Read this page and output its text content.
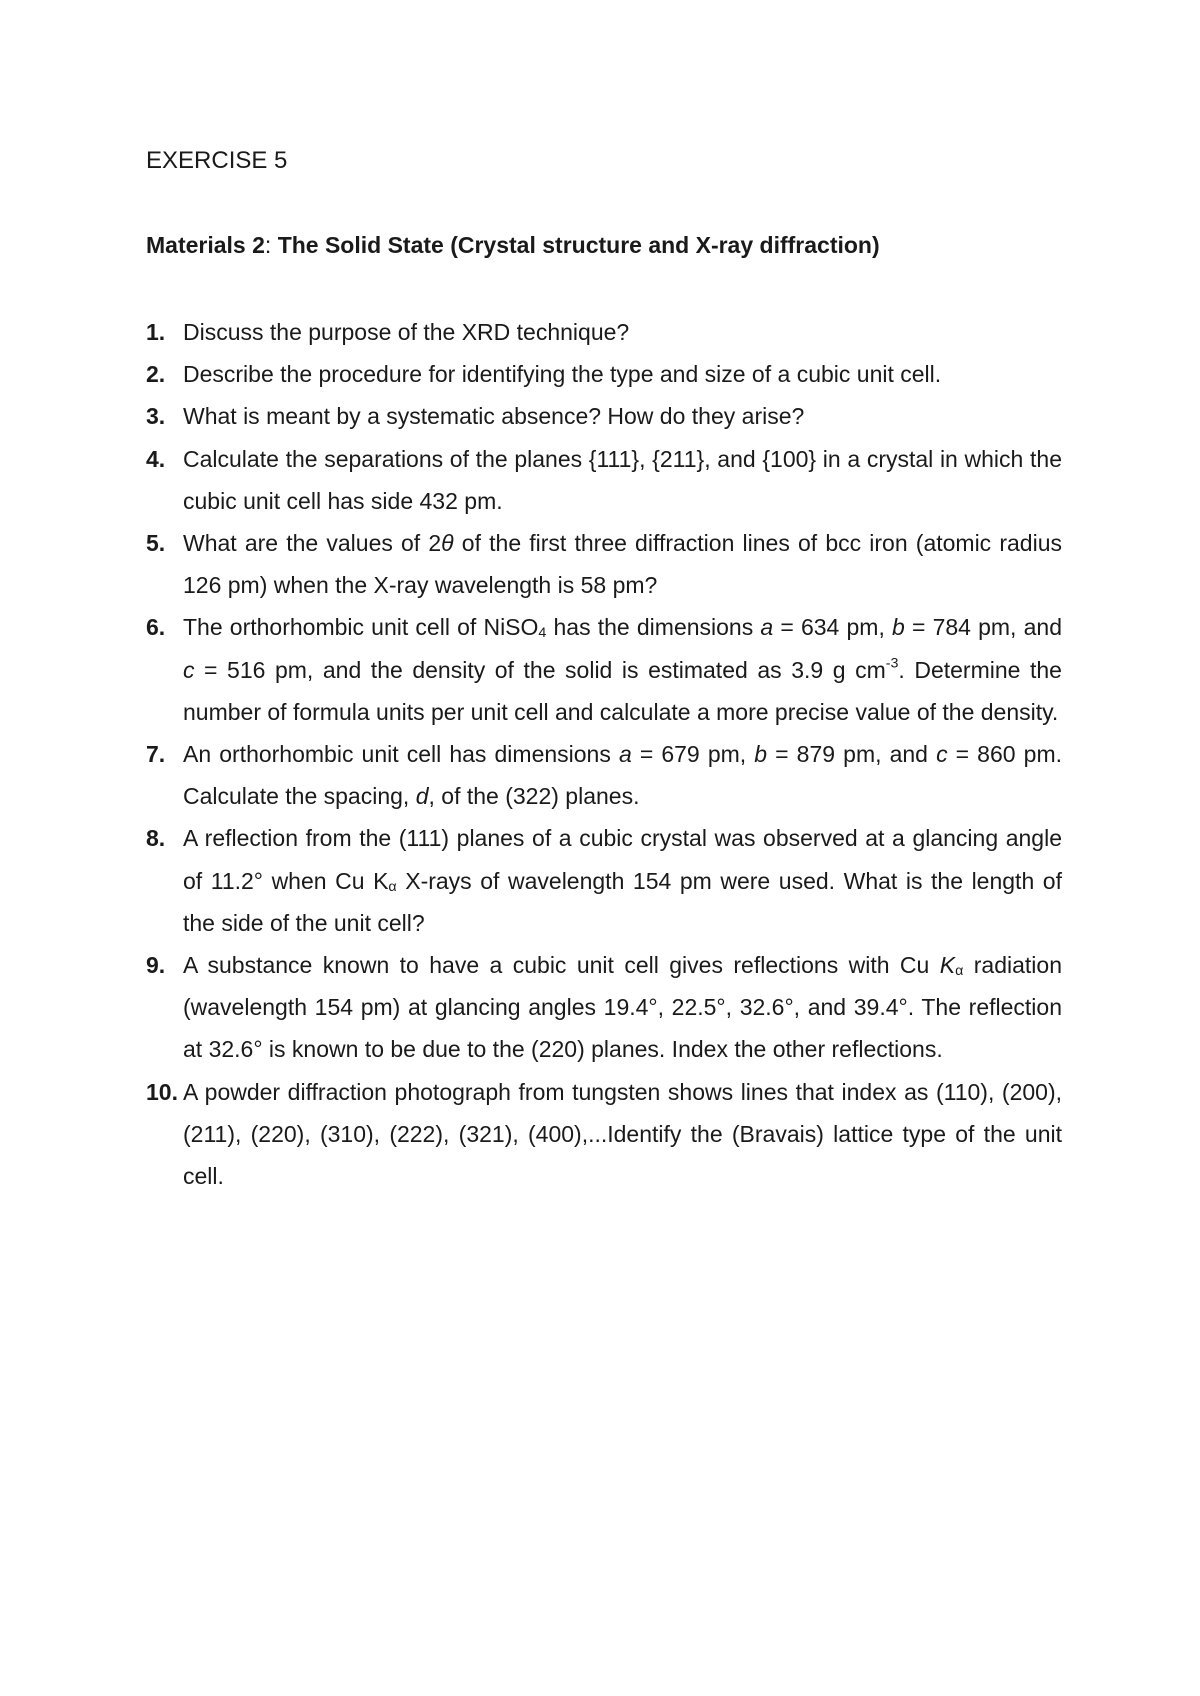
EXERCISE 5
Materials 2: The Solid State (Crystal structure and X-ray diffraction)
1. Discuss the purpose of the XRD technique?
2. Describe the procedure for identifying the type and size of a cubic unit cell.
3. What is meant by a systematic absence? How do they arise?
4. Calculate the separations of the planes {111}, {211}, and {100} in a crystal in which the cubic unit cell has side 432 pm.
5. What are the values of 2θ of the first three diffraction lines of bcc iron (atomic radius 126 pm) when the X-ray wavelength is 58 pm?
6. The orthorhombic unit cell of NiSO$_4$ has the dimensions a = 634 pm, b = 784 pm, and c = 516 pm, and the density of the solid is estimated as 3.9 g $cm^{-3}$. Determine the number of formula units per unit cell and calculate a more precise value of the density.
7. An orthorhombic unit cell has dimensions a = 679 pm, b = 879 pm, and c = 860 pm. Calculate the spacing, d, of the (322) planes.
8. A reflection from the (111) planes of a cubic crystal was observed at a glancing angle of 11.2° when Cu $K_\alpha$ X-rays of wavelength 154 pm were used. What is the length of the side of the unit cell?
9. A substance known to have a cubic unit cell gives reflections with Cu $K_\alpha$ radiation (wavelength 154 pm) at glancing angles 19.4°, 22.5°, 32.6°, and 39.4°. The reflection at 32.6° is known to be due to the (220) planes. Index the other reflections.
10. A powder diffraction photograph from tungsten shows lines that index as (110), (200), (211), (220), (310), (222), (321), (400),...Identify the (Bravais) lattice type of the unit cell.
